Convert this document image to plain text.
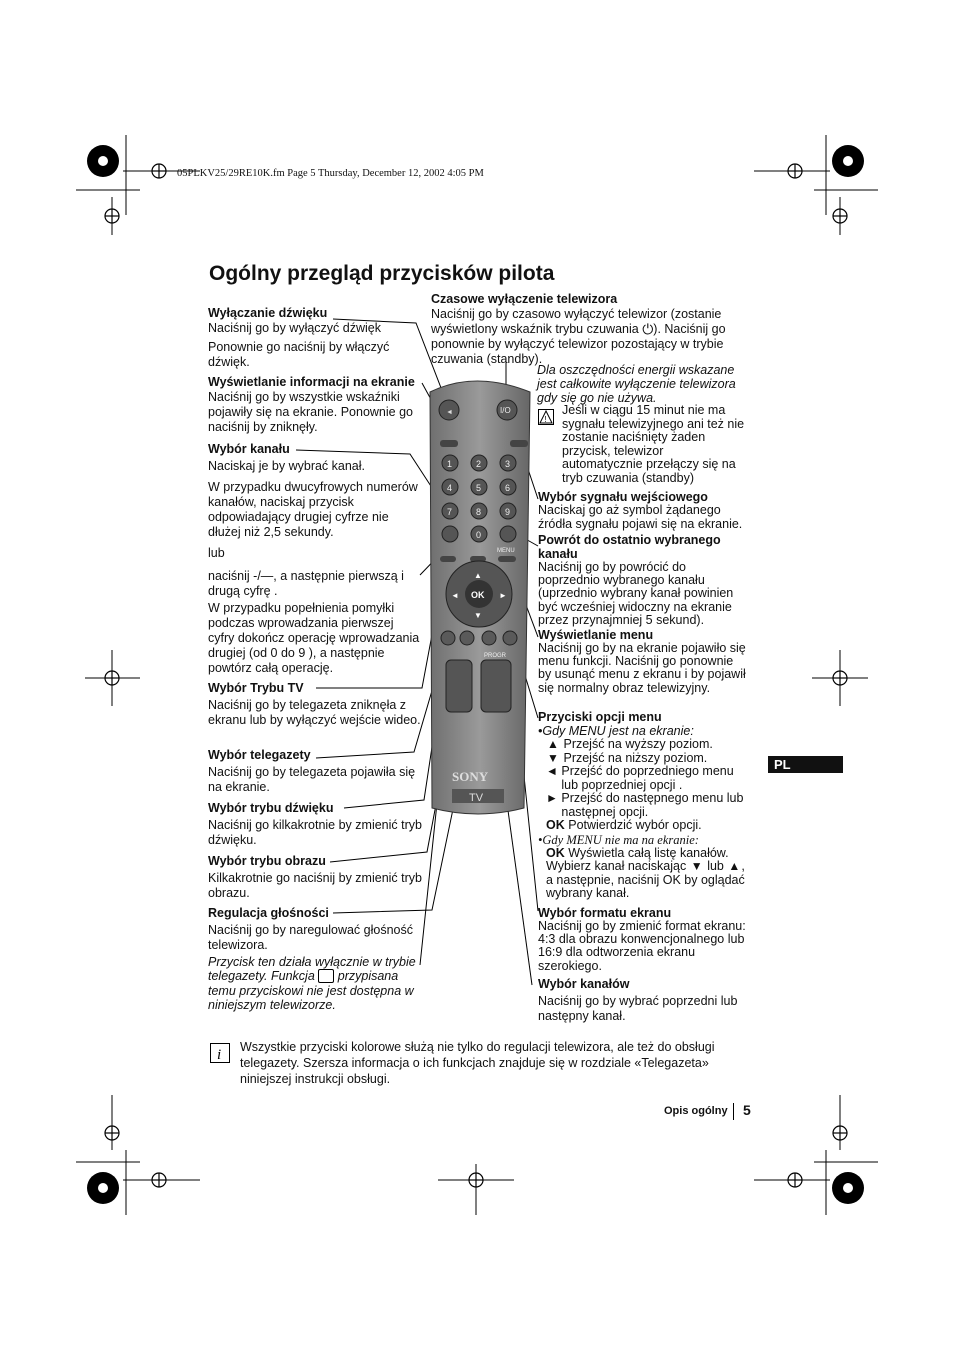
05PLKV25/29RE10K.fm Page 5 Thursday, December 12, 2002 4:05 PM
Ogólny przegląd przycisków pilota
◄	I/O
1	2	3
4	5	6
7	8	9
0
MENU
OK
▲
▼
◄	►
PROGR
SONY
TV
Wyłączanie dźwięku
Naciśnij go by wyłączyć dźwięk
Ponownie go naciśnij by włączyć dźwięk.
Wyświetlanie informacji na ekranie
Naciśnij go by wszystkie wskaźniki pojawiły się na ekranie. Ponownie go naciśnij by zniknęły.
Wybór kanału
Naciskaj je by wybrać kanał.
W przypadku dwucyfrowych numerów kanałów, naciskaj przycisk odpowiadający drugiej cyfrze nie dłużej niż 2,5 sekundy.
lub
naciśnij -/—, a następnie pierwszą i drugą cyfrę .
W przypadku popełnienia pomyłki podczas wprowadzania pierwszej cyfry dokończ operację wprowadzania drugiej (od 0 do 9 ), a następnie powtórz całą operację.
Wybór Trybu TV
Naciśnij go by telegazeta zniknęła z ekranu lub by wyłączyć wejście wideo.
Wybór telegazety
Naciśnij go by telegazeta pojawiła się na ekranie.
Wybór trybu dźwięku
Naciśnij go kilkakrotnie by zmienić tryb dźwięku.
Wybór trybu obrazu
Kilkakrotnie go naciśnij by zmienić tryb obrazu.
Regulacja głośności
Naciśnij go by naregulować głośność telewizora.
Przycisk ten działa wyłącznie w trybie telegazety. Funkcja przypisana temu przyciskowi nie jest dostępna w niniejszym telewizorze.
Czasowe wyłączenie telewizora
Naciśnij go by czasowo wyłączyć telewizor (zostanie wyświetlony wskaźnik trybu czuwania ⏻). Naciśnij go ponownie by wyłączyć telewizor pozostający w trybie czuwania (standby).
Dla oszczędności energii wskazane jest całkowite wyłączenie telewizora gdy się go nie używa.
!
Jeśli w ciągu 15 minut nie ma sygnału telewizyjnego ani też nie zostanie naciśnięty żaden przycisk, telewizor automatycznie przełączy się na tryb czuwania (standby)
Wybór sygnału wejściowego
Naciskaj go aż symbol żądanego źródła sygnału pojawi się na ekranie.
Powrót do ostatnio wybranego kanału
Naciśnij go by powrócić do poprzednio wybranego kanału (uprzednio wybrany kanał powinien być wcześniej widoczny na ekranie przez przynajmniej 5 sekund).
Wyświetlanie menu
Naciśnij go by na ekranie pojawiło się menu funkcji. Naciśnij go ponownie by usunąć menu z ekranu i by pojawił się normalny obraz telewizyjny.
Przyciski opcji menu
•Gdy MENU jest na ekranie:
▲ Przejść na wyższy poziom.
▼ Przejść na niższy poziom.
◄
Przejść do poprzedniego menu lub poprzedniej opcji .
►
Przejść do następnego menu lub następnej opcji.
OK Potwierdzić wybór opcji.
•Gdy MENU nie ma na ekranie:
OK Wyświetla całą listę kanałów. Wybierz kanał naciskając ▼ lub ▲, a następnie, naciśnij OK by oglądać wybrany kanał.
Wybór formatu ekranu
Naciśnij go by zmienić format ekranu: 4:3 dla obrazu konwencjonalnego lub 16:9 dla odtworzenia ekranu szerokiego.
Wybór kanałów
Naciśnij go by wybrać poprzedni lub następny kanał.
PL
i Wszystkie przyciski kolorowe służą nie tylko do regulacji telewizora, ale też do obsługi telegazety. Szersza informacja o ich funkcjach znajduje się w rozdziale «Telegazeta» niniejszej instrukcji obsługi.
Opis ogólny 5
